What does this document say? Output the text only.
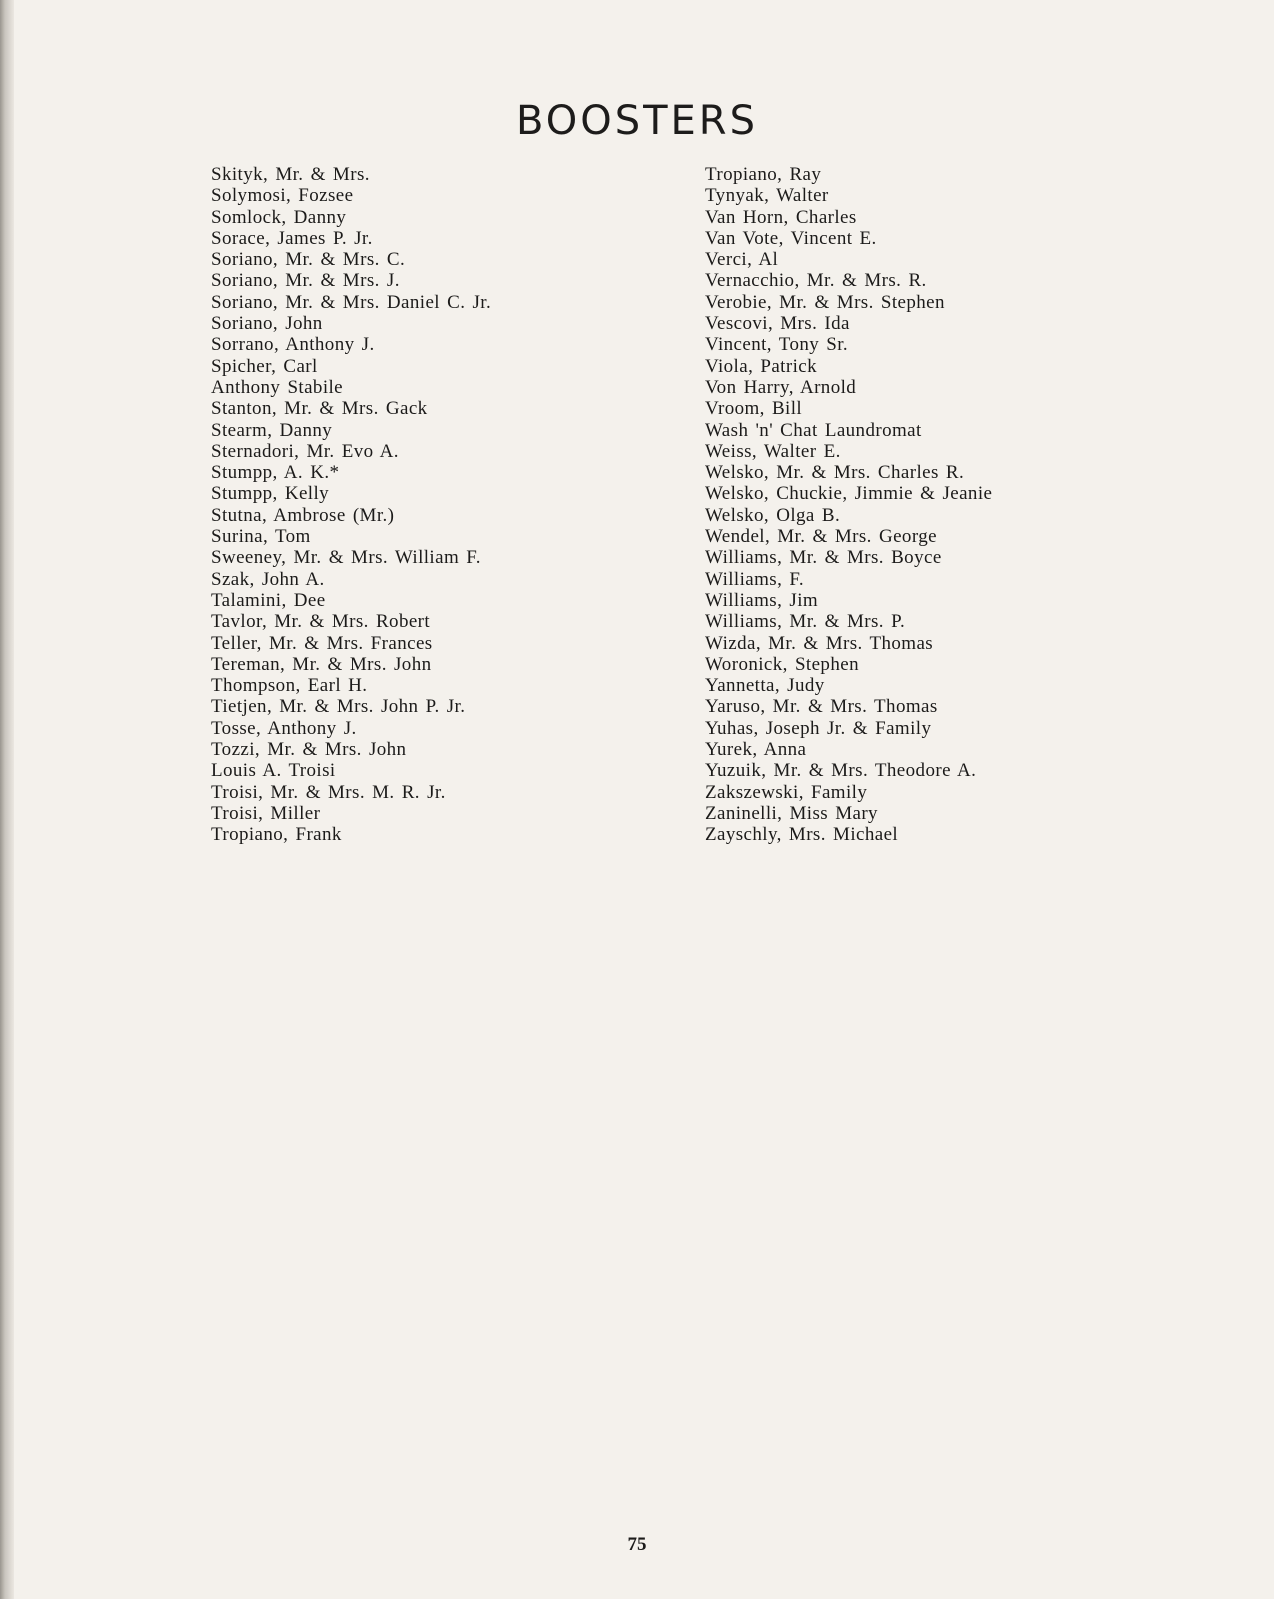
BOOSTERS
Skityk, Mr. & Mrs.
Solymosi, Fozsee
Somlock, Danny
Sorace, James P. Jr.
Soriano, Mr. & Mrs. C.
Soriano, Mr. & Mrs. J.
Soriano, Mr. & Mrs. Daniel C. Jr.
Soriano, John
Sorrano, Anthony J.
Spicher, Carl
Anthony Stabile
Stanton, Mr. & Mrs. Gack
Stearm, Danny
Sternadori, Mr. Evo A.
Stumpp, A. K.*
Stumpp, Kelly
Stutna, Ambrose (Mr.)
Surina, Tom
Sweeney, Mr. & Mrs. William F.
Szak, John A.
Talamini, Dee
Tavlor, Mr. & Mrs. Robert
Teller, Mr. & Mrs. Frances
Tereman, Mr. & Mrs. John
Thompson, Earl H.
Tietjen, Mr. & Mrs. John P. Jr.
Tosse, Anthony J.
Tozzi, Mr. & Mrs. John
Louis A. Troisi
Troisi, Mr. & Mrs. M. R. Jr.
Troisi, Miller
Tropiano, Frank
Tropiano, Ray
Tynyak, Walter
Van Horn, Charles
Van Vote, Vincent E.
Verci, Al
Vernacchio, Mr. & Mrs. R.
Verobie, Mr. & Mrs. Stephen
Vescovi, Mrs. Ida
Vincent, Tony Sr.
Viola, Patrick
Von Harry, Arnold
Vroom, Bill
Wash 'n' Chat Laundromat
Weiss, Walter E.
Welsko, Mr. & Mrs. Charles R.
Welsko, Chuckie, Jimmie & Jeanie
Welsko, Olga B.
Wendel, Mr. & Mrs. George
Williams, Mr. & Mrs. Boyce
Williams, F.
Williams, Jim
Williams, Mr. & Mrs. P.
Wizda, Mr. & Mrs. Thomas
Woronick, Stephen
Yannetta, Judy
Yaruso, Mr. & Mrs. Thomas
Yuhas, Joseph Jr. & Family
Yurek, Anna
Yuzuik, Mr. & Mrs. Theodore A.
Zakszewski, Family
Zaninelli, Miss Mary
Zayschly, Mrs. Michael
75
